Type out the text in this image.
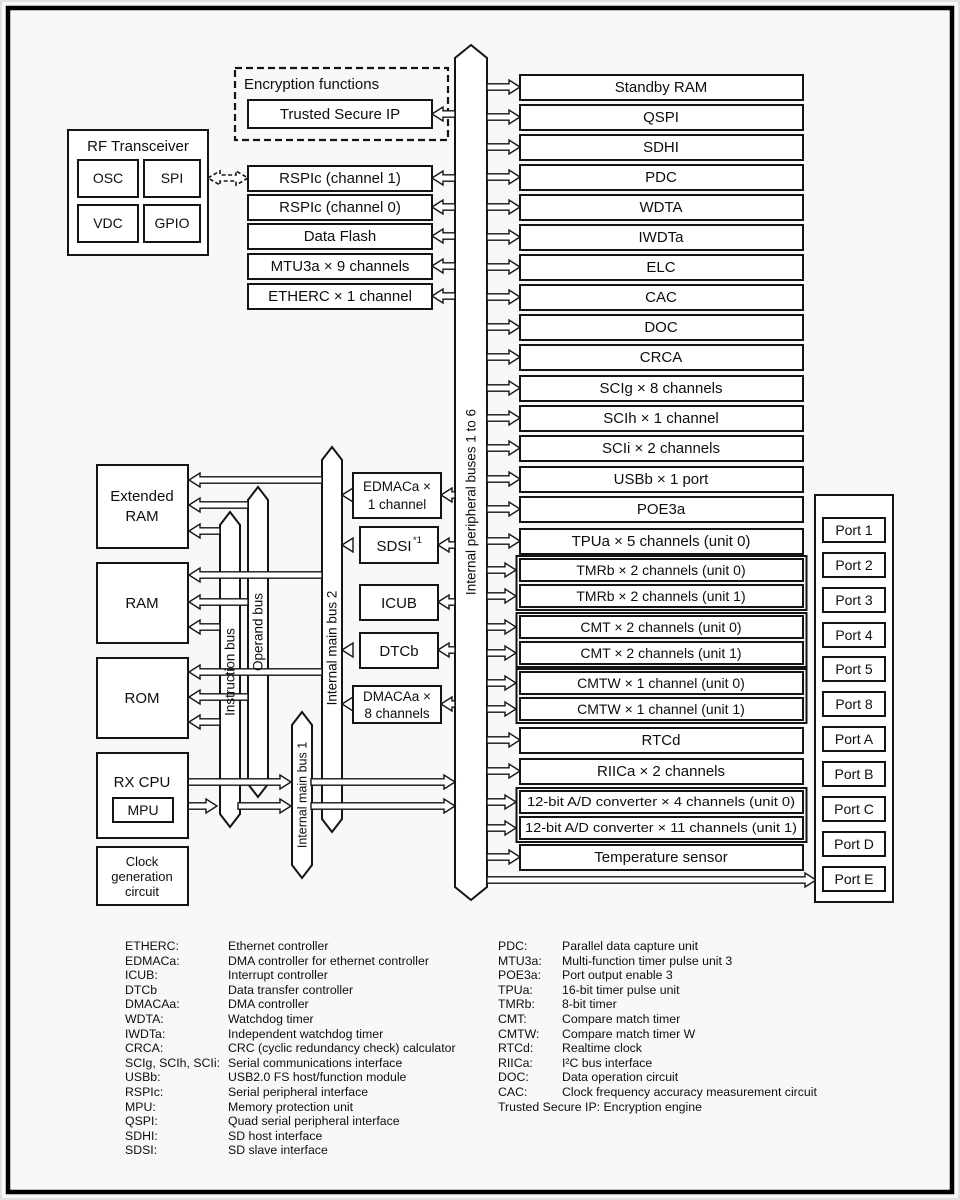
Encryption functions
Trusted Secure IP
RF Transceiver
OSC	SPI
VDC GPIO
RSPIc (channel 1)
RSPIc (channel 0)
Data Flash
MTU3a × 9 channels
ETHERC × 1 channel
Extended
RAM
RAM
ROM
RX CPU
MPU
Clock
generation
circuit
EDMACa ×
1 channel
SDSI *1
ICUB
DTCb
DMACAa ×
8 channels
Standby RAM
QSPI
SDHI
PDC
WDTA
IWDTa
ELC
CAC
DOC
CRCA
SCIg × 8 channels
SCIh × 1 channel
SCIi × 2 channels
USBb × 1 port
POE3a
TPUa × 5 channels (unit 0)
TMRb × 2 channels (unit 0)
TMRb × 2 channels (unit 1)
CMT × 2 channels (unit 0)
CMT × 2 channels (unit 1)
CMTW × 1 channel (unit 0)
CMTW × 1 channel (unit 1)
RTCd
RIICa × 2 channels
12-bit A/D converter × 4 channels (unit 0)
12-bit A/D converter × 11 channels (unit 1)
Temperature sensor
Port 1
Port 2
Port 3
Port 4
Port 5
Port 8
Port A
Port B
Port C
Port D
Port E
Instruction bus Operand bus
Internal main bus 1
Internal main bus 2
Internal peripheral buses 1 to 6
ETHERC:	Ethernet controller
EDMACa:	DMA controller for ethernet controller
ICUB:	Interrupt controller
DTCb	Data transfer controller
DMACAa:	DMA controller
WDTA:	Watchdog timer
IWDTa:	Independent watchdog timer
CRCA:	CRC (cyclic redundancy check) calculator
SCIg, SCIh, SCIi: Serial communications interface
USBb:	USB2.0 FS host/function module
RSPIc:	Serial peripheral interface
MPU:	Memory protection unit
QSPI:	Quad serial peripheral interface
SDHI:	SD host interface
SDSI:	SD slave interface
PDC:	Parallel data capture unit
MTU3a: Multi-function timer pulse unit 3
POE3a: Port output enable 3
TPUa: 16-bit timer pulse unit
TMRb: 8-bit timer
CMT:	Compare match timer
CMTW: Compare match timer W
RTCd: Realtime clock
RIICa: I²C bus interface
DOC:	Data operation circuit
CAC:	Clock frequency accuracy measurement circuit
Trusted Secure IP: Encryption engine
